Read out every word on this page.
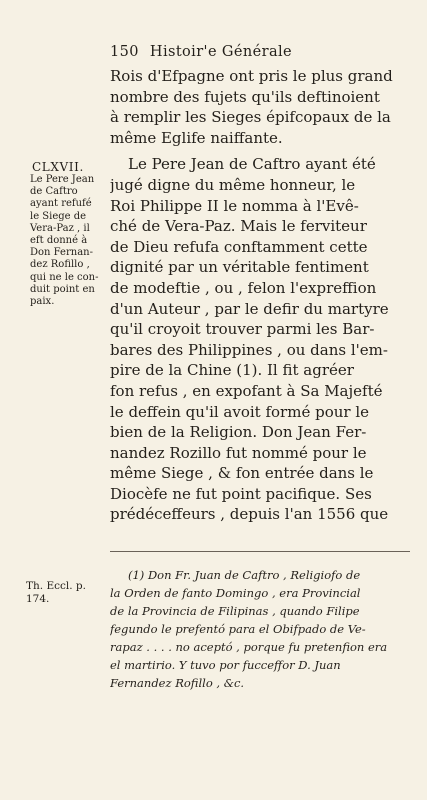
150 Histoir'e Générale
Rois d'Efpagne ont pris le plus grand
nombre des fujets qu'ils deftinoient
à remplir les Sieges épifcopaux de la
même Eglife naiffante.
Le Pere Jean de Caftro ayant été
jugé digne du même honneur, le
Roi Philippe II le nomma à l'Evê-
ché de Vera-Paz. Mais le ferviteur
de Dieu refufa conftamment cette
dignité par un véritable fentiment
de modeftie , ou , felon l'expreffion
d'un Auteur , par le defir du martyre
qu'il croyoit trouver parmi les Bar-
bares des Philippines , ou dans l'em-
pire de la Chine (1). Il fit agréer
fon refus , en expofant à Sa Majefté
le deffein qu'il avoit formé pour le
bien de la Religion. Don Jean Fer-
nandez Rozillo fut nommé pour le
même Siege , & fon entrée dans le
Diocèfe ne fut point pacifique. Ses
prédéceffeurs , depuis l'an 1556 que
CLXVII.
Le Pere Jean
de Caftro
ayant refufé
le Siege de
Vera-Paz , il
eft donné à
Don Fernan-
dez Rofillo ,
qui ne le con-
duit point en
paix.
Th. Eccl. p.
174.
(1) Don Fr. Juan de Caftro , Religiofo de
la Orden de fanto Domingo , era Provincial
de la Provincia de Filipinas , quando Filipe
fegundo le prefentó para el Obifpado de Ve-
rapaz . . . . no aceptó , porque fu pretenfion era
el martirio. Y tuvo por fucceffor D. Juan
Fernandez Rofillo , &c.
